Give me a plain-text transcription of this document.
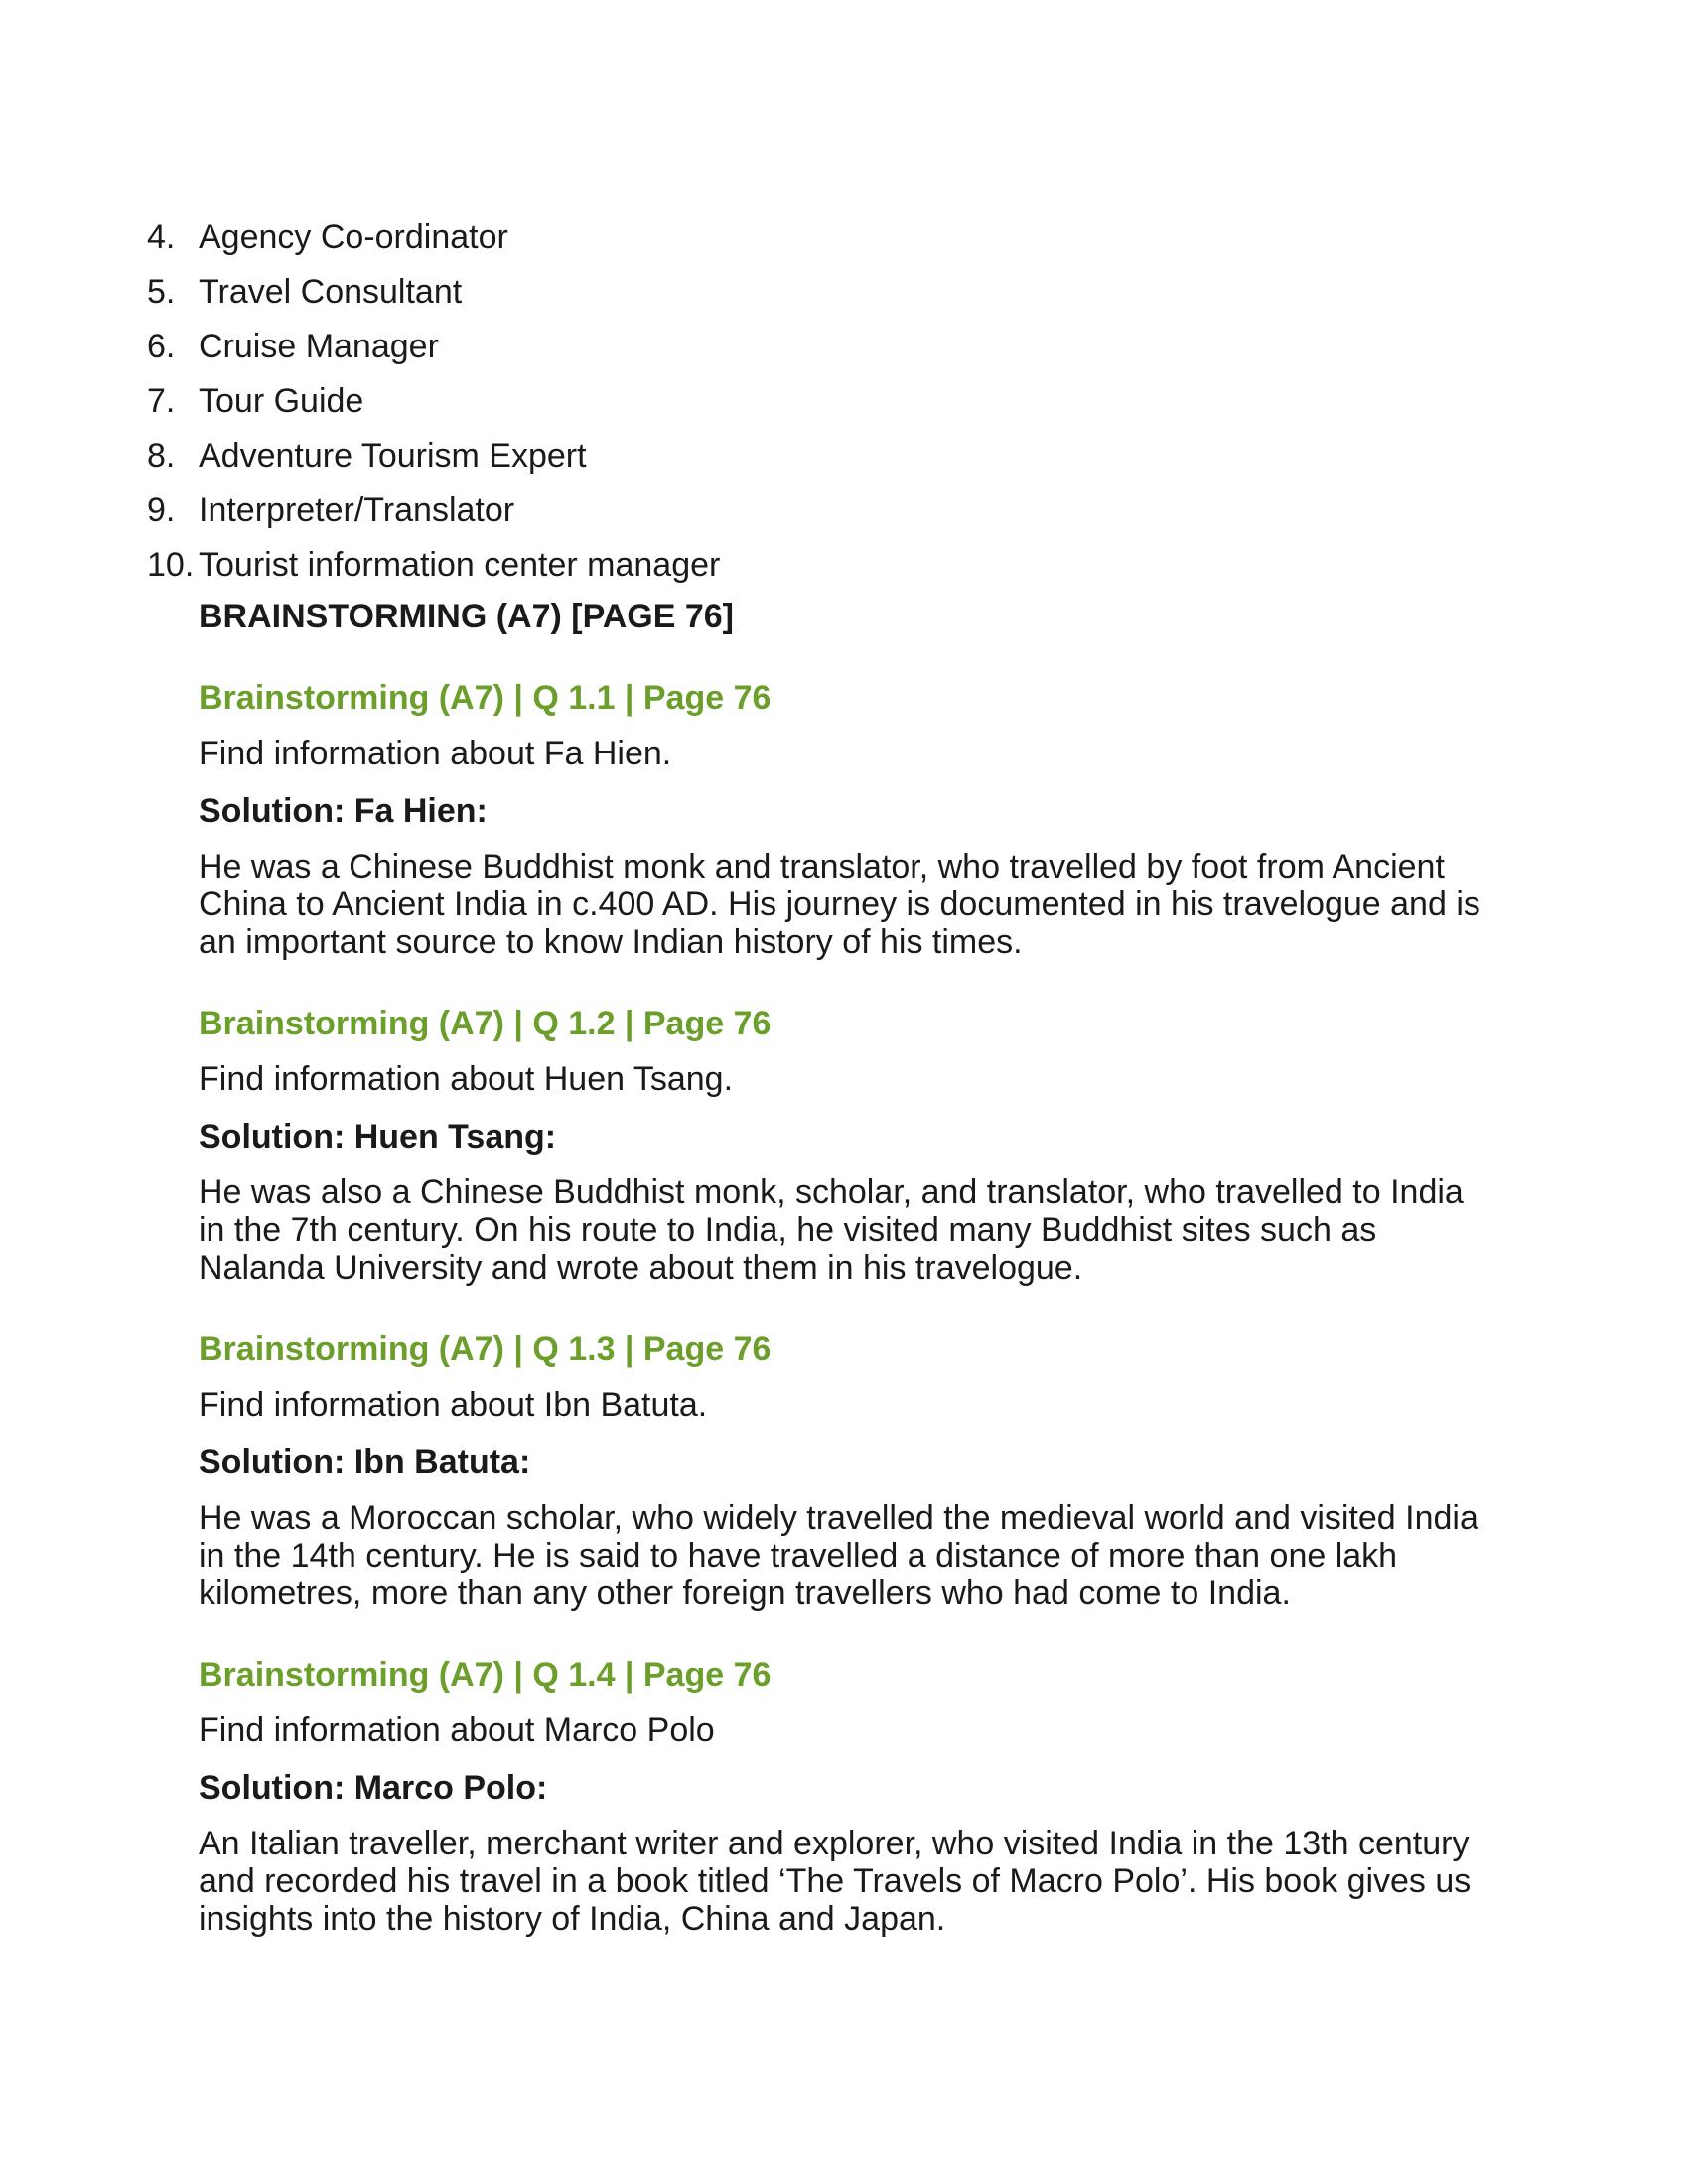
4. Agency Co-ordinator
5. Travel Consultant
6. Cruise Manager
7. Tour Guide
8. Adventure Tourism Expert
9. Interpreter/Translator
10. Tourist information center manager
BRAINSTORMING (A7) [PAGE 76]
Brainstorming (A7) | Q 1.1 | Page 76

Find information about Fa Hien.

Solution: Fa Hien:

He was a Chinese Buddhist monk and translator, who travelled by foot from Ancient China to Ancient India in c.400 AD. His journey is documented in his travelogue and is an important source to know Indian history of his times.

Brainstorming (A7) | Q 1.2 | Page 76

Find information about Huen Tsang.

Solution: Huen Tsang:

He was also a Chinese Buddhist monk, scholar, and translator, who travelled to India in the 7th century. On his route to India, he visited many Buddhist sites such as Nalanda University and wrote about them in his travelogue.

Brainstorming (A7) | Q 1.3 | Page 76

Find information about Ibn Batuta.

Solution: Ibn Batuta:

He was a Moroccan scholar, who widely travelled the medieval world and visited India in the 14th century. He is said to have travelled a distance of more than one lakh kilometres, more than any other foreign travellers who had come to India.

Brainstorming (A7) | Q 1.4 | Page 76

Find information about Marco Polo

Solution: Marco Polo:

An Italian traveller, merchant writer and explorer, who visited India in the 13th century and recorded his travel in a book titled ‘The Travels of Macro Polo’. His book gives us insights into the history of India, China and Japan.
